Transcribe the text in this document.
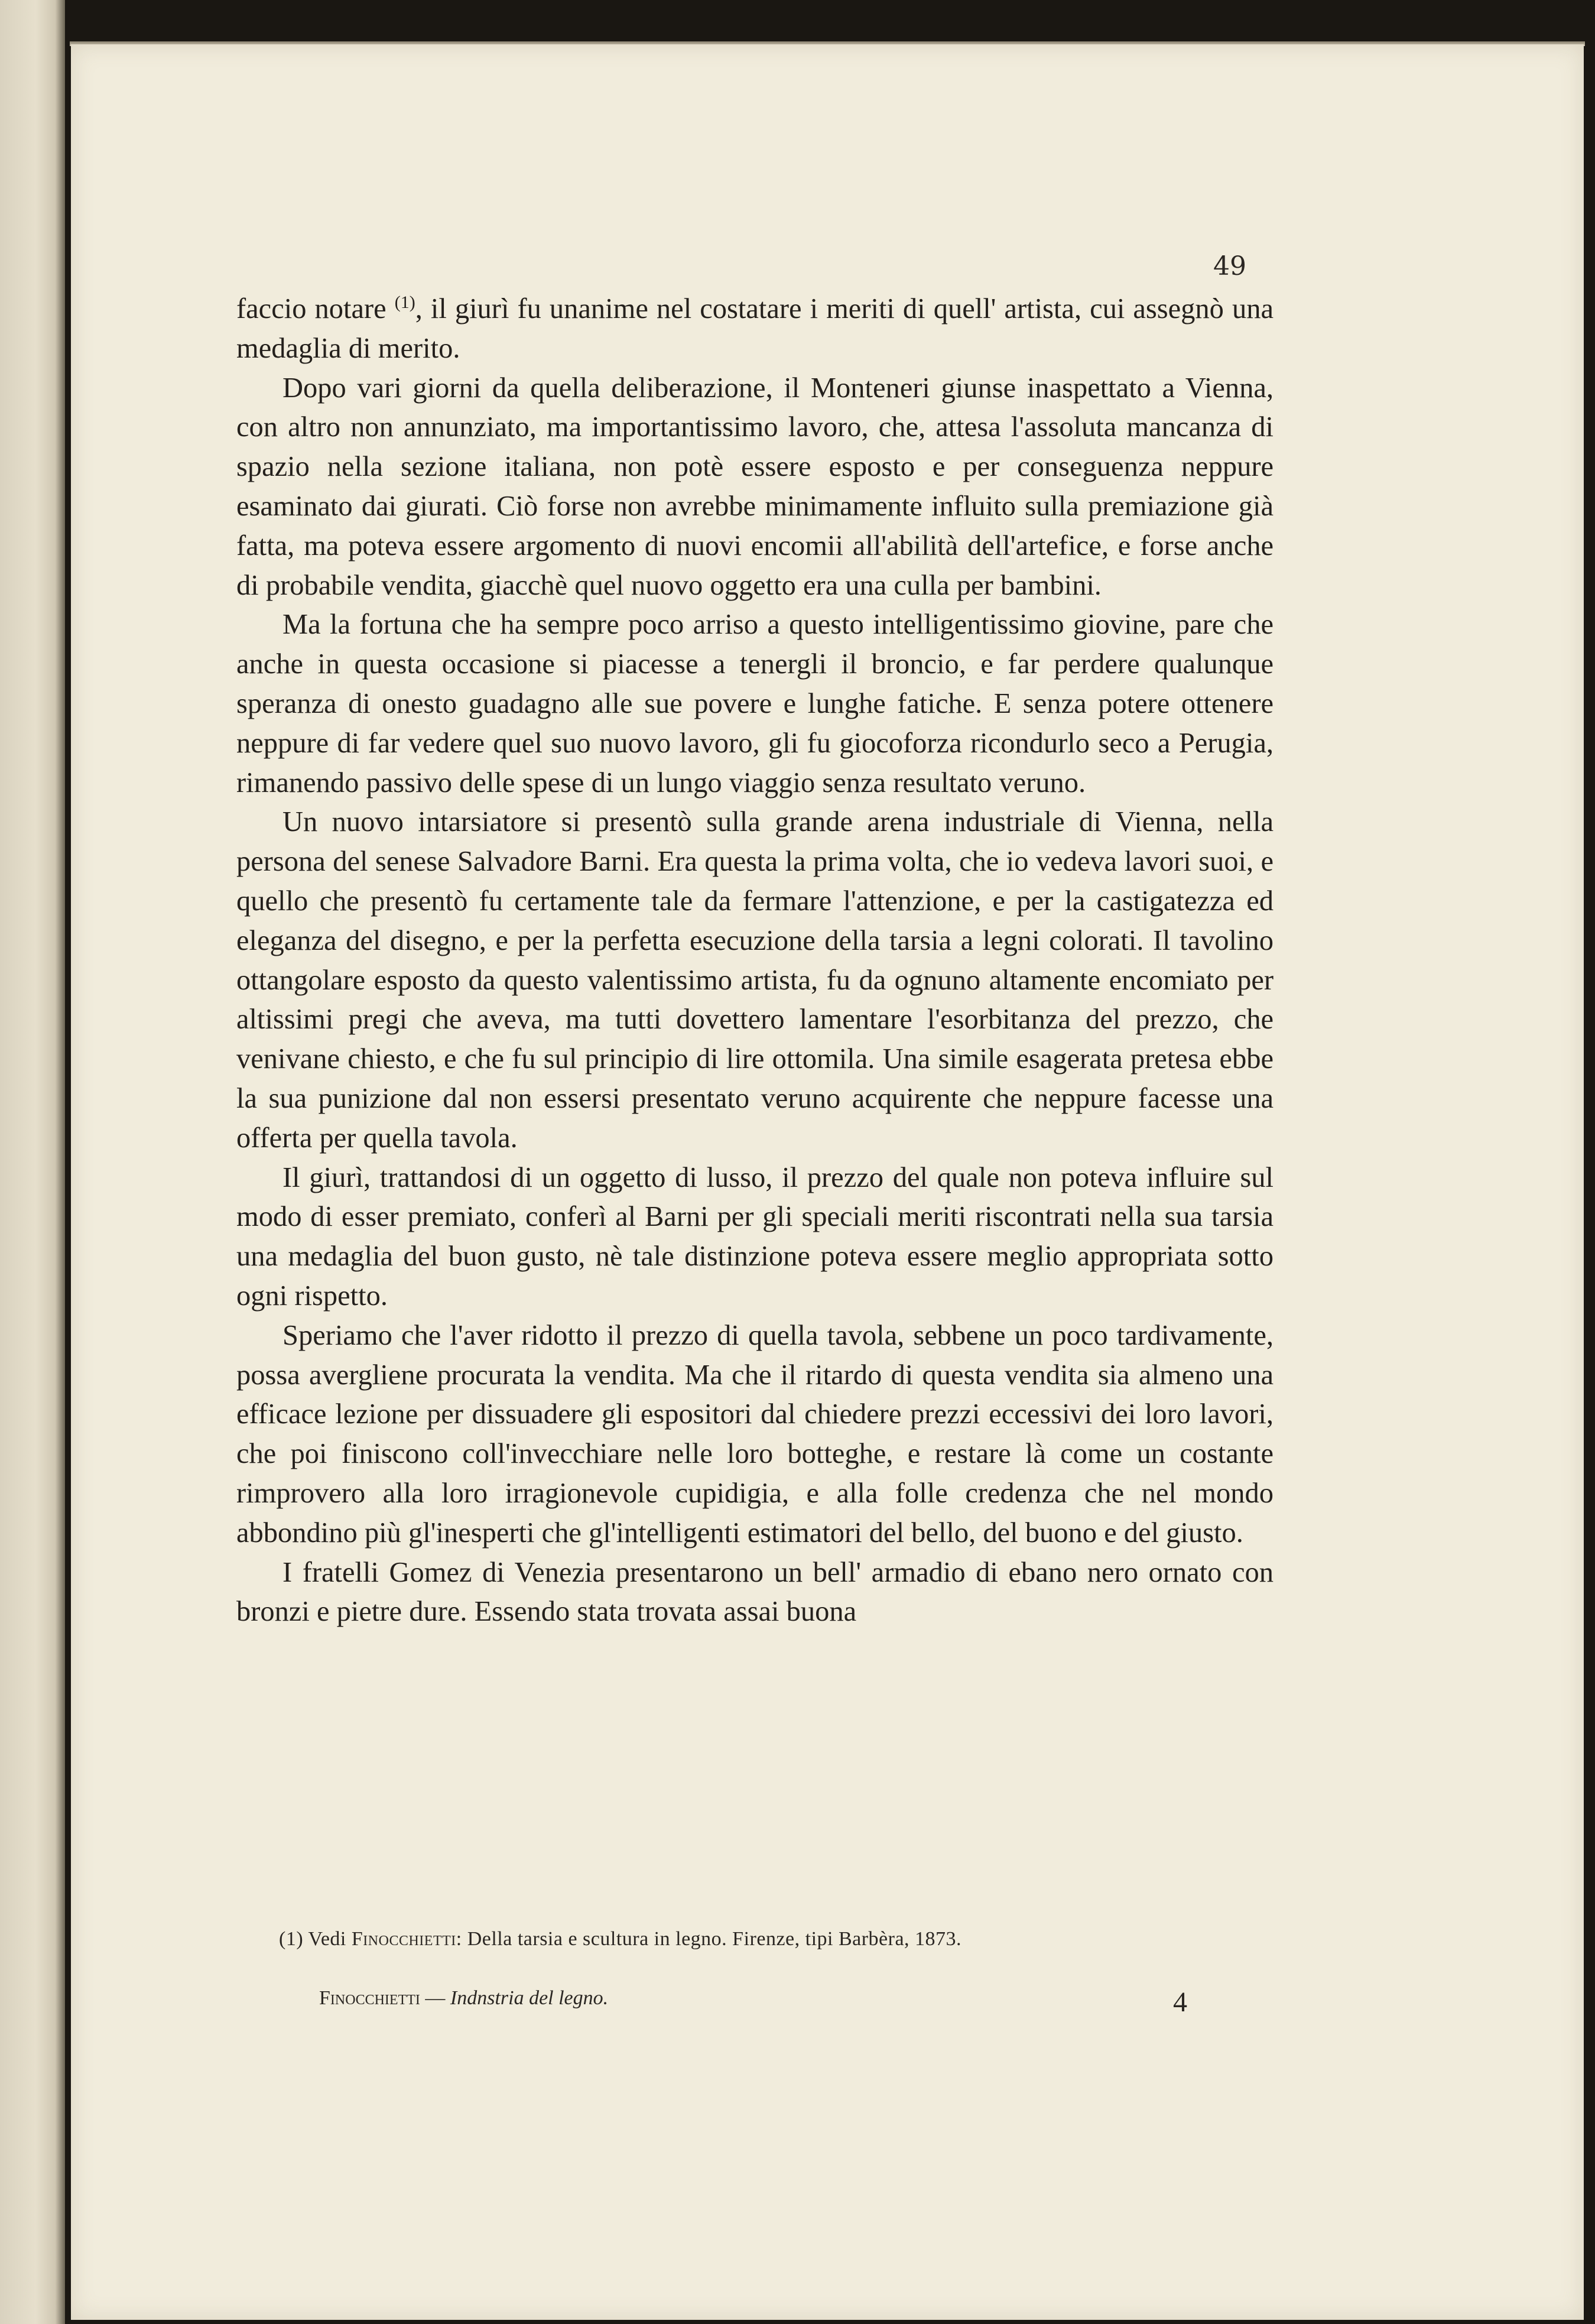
49

faccio notare $^{(1)}$, il giurì fu unanime nel costatare i meriti di quell' artista, cui assegnò una medaglia di merito.

Dopo vari giorni da quella deliberazione, il Monteneri giunse inaspettato a Vienna, con altro non annunziato, ma importantissimo lavoro, che, attesa l'assoluta mancanza di spazio nella sezione italiana, non potè essere esposto e per conseguenza neppure esaminato dai giurati. Ciò forse non avrebbe minimamente influito sulla premiazione già fatta, ma poteva essere argomento di nuovi encomii all'abilità dell'artefice, e forse anche di probabile vendita, giacchè quel nuovo oggetto era una culla per bambini.

Ma la fortuna che ha sempre poco arriso a questo intelligentissimo giovine, pare che anche in questa occasione si piacesse a tenergli il broncio, e far perdere qualunque speranza di onesto guadagno alle sue povere e lunghe fatiche. E senza potere ottenere neppure di far vedere quel suo nuovo lavoro, gli fu giocoforza ricondurlo seco a Perugia, rimanendo passivo delle spese di un lungo viaggio senza resultato veruno.

Un nuovo intarsiatore si presentò sulla grande arena industriale di Vienna, nella persona del senese Salvadore Barni. Era questa la prima volta, che io vedeva lavori suoi, e quello che presentò fu certamente tale da fermare l'attenzione, e per la castigatezza ed eleganza del disegno, e per la perfetta esecuzione della tarsia a legni colorati. Il tavolino ottangolare esposto da questo valentissimo artista, fu da ognuno altamente encomiato per altissimi pregi che aveva, ma tutti dovettero lamentare l'esorbitanza del prezzo, che venivane chiesto, e che fu sul principio di lire ottomila. Una simile esagerata pretesa ebbe la sua punizione dal non essersi presentato veruno acquirente che neppure facesse una offerta per quella tavola.

Il giurì, trattandosi di un oggetto di lusso, il prezzo del quale non poteva influire sul modo di esser premiato, conferì al Barni per gli speciali meriti riscontrati nella sua tarsia una medaglia del buon gusto, nè tale distinzione poteva essere meglio appropriata sotto ogni rispetto.

Speriamo che l'aver ridotto il prezzo di quella tavola, sebbene un poco tardivamente, possa avergliene procurata la vendita. Ma che il ritardo di questa vendita sia almeno una efficace lezione per dissuadere gli espositori dal chiedere prezzi eccessivi dei loro lavori, che poi finiscono coll'invecchiare nelle loro botteghe, e restare là come un costante rimprovero alla loro irragionevole cupidigia, e alla folle credenza che nel mondo abbondino più gl'inesperti che gl'intelligenti estimatori del bello, del buono e del giusto.

I fratelli Gomez di Venezia presentarono un bell' armadio di ebano nero ornato con bronzi e pietre dure. Essendo stata trovata assai buona

(1) Vedi Finocchietti: Della tarsia e scultura in legno. Firenze, tipi Barbèra, 1873.
Finocchietti — Indnstria del legno.	4
